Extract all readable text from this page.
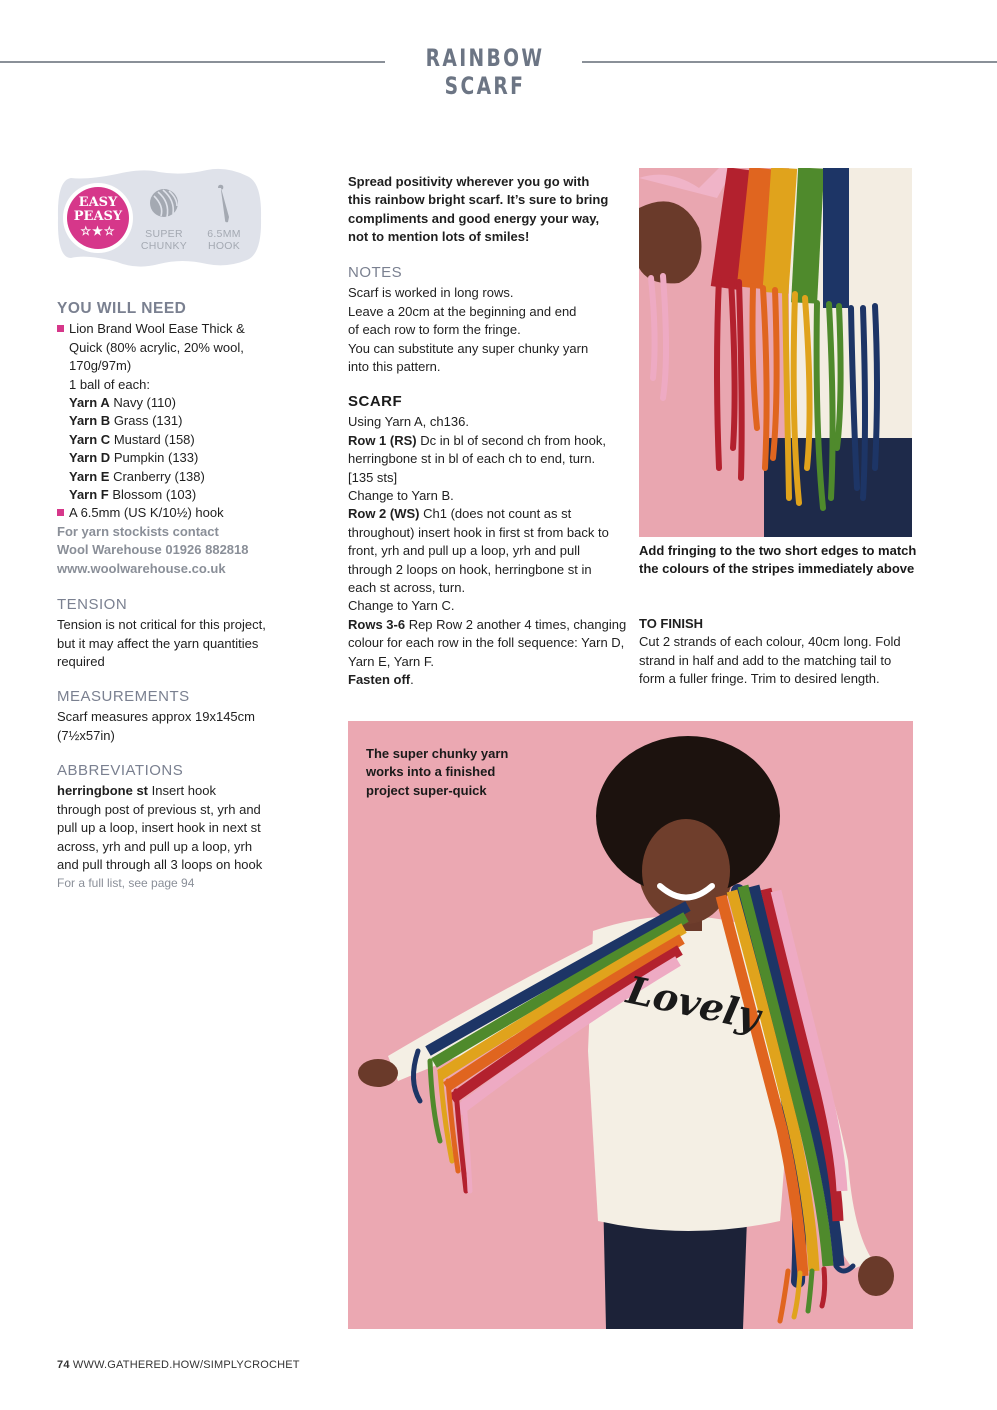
RAINBOW SCARF
EASY
PEASY
☆★☆	SUPER
CHUNKY
6.5MM
HOOK
YOU WILL NEED
Lion Brand Wool Ease Thick &
Quick (80% acrylic, 20% wool,
170g/97m)
1 ball of each:
Yarn A Navy (110)
Yarn B Grass (131)
Yarn C Mustard (158)
Yarn D Pumpkin (133)
Yarn E Cranberry (138)
Yarn F Blossom (103)
A 6.5mm (US K/10½) hook
For yarn stockists contact
Wool Warehouse 01926 882818
www.woolwarehouse.co.uk
TENSION
Tension is not critical for this project,
but it may affect the yarn quantities
required
MEASUREMENTS
Scarf measures approx 19x145cm
(7½x57in)
ABBREVIATIONS
herringbone st Insert hook
through post of previous st, yrh and
pull up a loop, insert hook in next st
across, yrh and pull up a loop, yrh
and pull through all 3 loops on hook
For a full list, see page 94
Spread positivity wherever you go with
this rainbow bright scarf. It’s sure to bring
compliments and good energy your way,
not to mention lots of smiles!
NOTES
Scarf is worked in long rows.
Leave a 20cm at the beginning and end
of each row to form the fringe.
You can substitute any super chunky yarn
into this pattern.
SCARF
Using Yarn A, ch136.
Row 1 (RS) Dc in bl of second ch from hook,
herringbone st in bl of each ch to end, turn.
[135 sts]
Change to Yarn B.
Row 2 (WS) Ch1 (does not count as st
throughout) insert hook in first st from back to
front, yrh and pull up a loop, yrh and pull
through 2 loops on hook, herringbone st in
each st across, turn.
Change to Yarn C.
Rows 3-6 Rep Row 2 another 4 times, changing
colour for each row in the foll sequence: Yarn D,
Yarn E, Yarn F.
Fasten off.
Add fringing to the two short edges to match
the colours of the stripes immediately above
TO FINISH
Cut 2 strands of each colour, 40cm long. Fold
strand in half and add to the matching tail to
form a fuller fringe. Trim to desired length.
Lovely
The super chunky yarn
works into a finished
project super-quick
74 WWW.GATHERED.HOW/SIMPLYCROCHET
